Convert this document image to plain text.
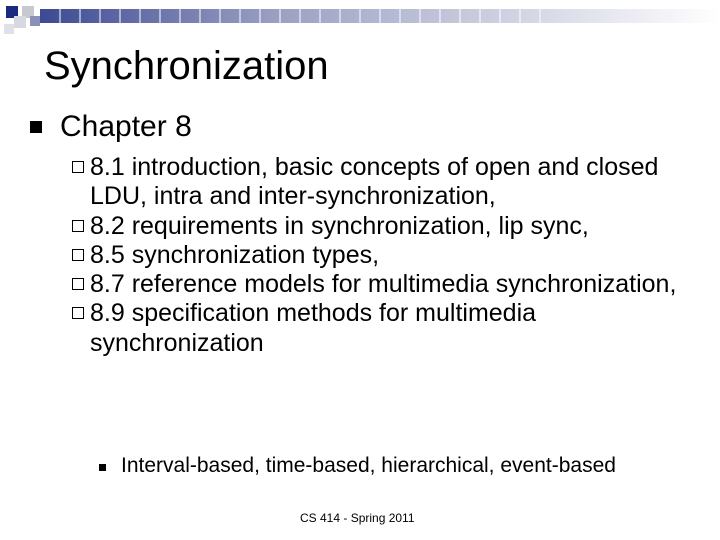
Synchronization
Chapter 8
8.1 introduction, basic concepts of open and closed LDU, intra and inter-synchronization,
8.2 requirements in synchronization, lip sync,
8.5 synchronization types,
8.7 reference models for multimedia synchronization,
8.9 specification methods for multimedia synchronization
Interval-based, time-based, hierarchical, event-based
CS 414 - Spring 2011
